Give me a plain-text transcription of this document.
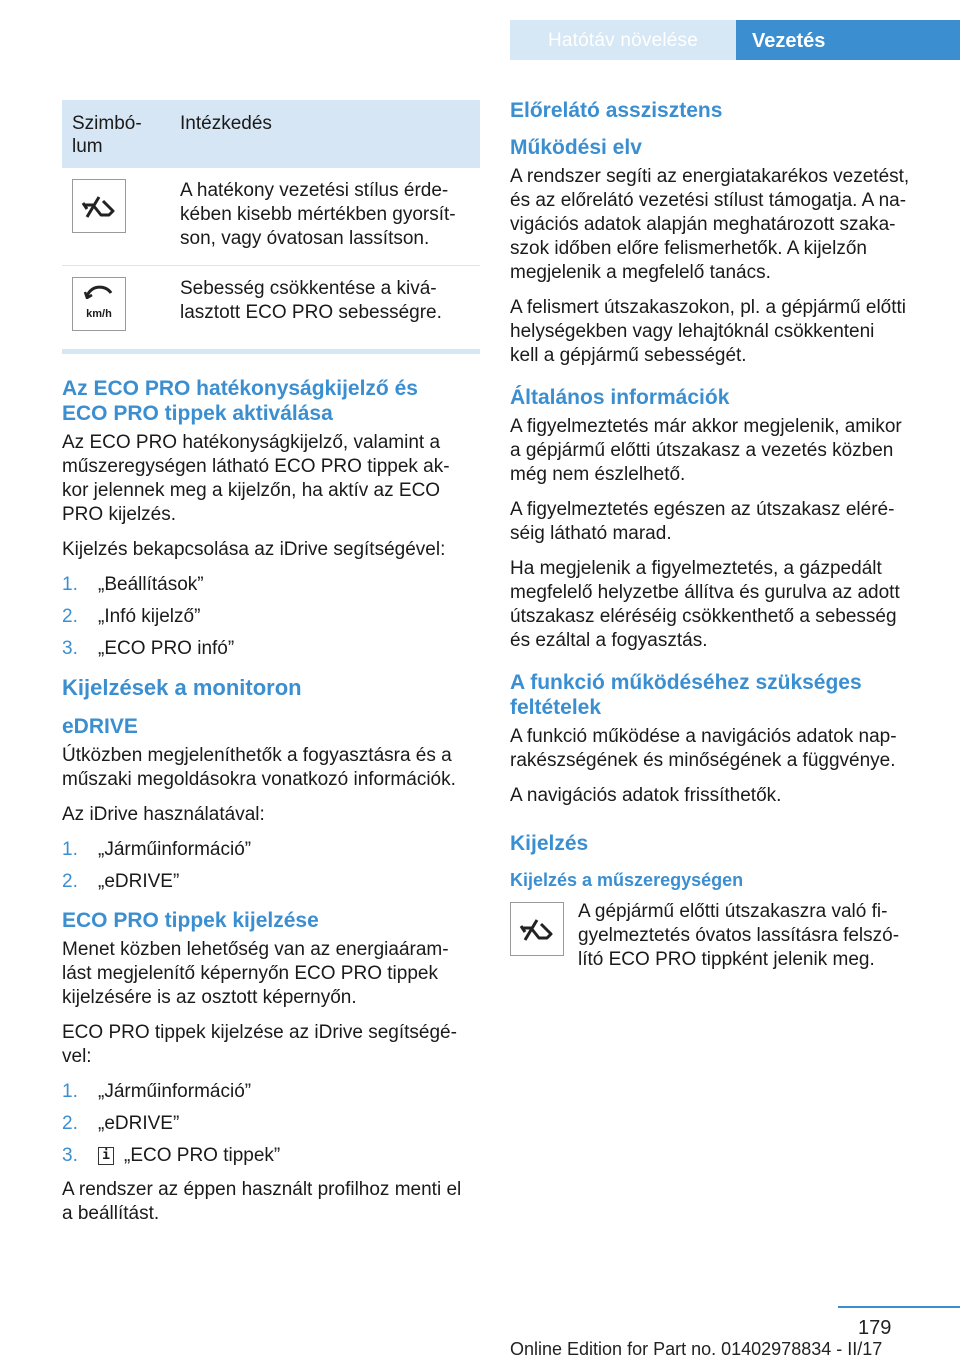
Hatótáv növelése	Vezetés
Szimbó-
lum	Intézkedés

	A hatékony vezetési stílus érde-
kében kisebb mértékben gyorsít-
son, vagy óvatosan lassítson.

km/h	Sebesség csökkentése a kivá-
lasztott ECO PRO sebességre.
Az ECO PRO hatékonyságkijelző és
ECO PRO tippek aktiválása

Az ECO PRO hatékonyságkijelző, valamint a
műszeregységen látható ECO PRO tippek ak-
kor jelennek meg a kijelzőn, ha aktív az ECO
PRO kijelzés.

Kijelzés bekapcsolása az iDrive segítségével:

1.	„Beállítások”
2.	„Infó kijelző”
3.	„ECO PRO infó”
Kijelzések a monitoron
eDRIVE

Útközben megjeleníthetők a fogyasztásra és a
műszaki megoldásokra vonatkozó információk.

Az iDrive használatával:

1.	„Járműinformáció”
2.	„eDRIVE”
ECO PRO tippek kijelzése

Menet közben lehetőség van az energiaáram-
lást megjelenítő képernyőn ECO PRO tippek
kijelzésére is az osztott képernyőn.

ECO PRO tippek kijelzése az iDrive segítségé-
vel:

1.	„Járműinformáció”
2.	„eDRIVE”
3.	i „ECO PRO tippek”

A rendszer az éppen használt profilhoz menti el
a beállítást.

Előrelátó asszisztens
Működési elv

A rendszer segíti az energiatakarékos vezetést,
és az előrelátó vezetési stílust támogatja. A na-
vigációs adatok alapján meghatározott szaka-
szok időben előre felismerhetők. A kijelzőn
megjelenik a megfelelő tanács.

A felismert útszakaszokon, pl. a gépjármű előtti
helységekben vagy lehajtóknál csökkenteni
kell a gépjármű sebességét.

Általános információk

A figyelmeztetés már akkor megjelenik, amikor
a gépjármű előtti útszakasz a vezetés közben
még nem észlelhető.

A figyelmeztetés egészen az útszakasz eléré-
séig látható marad.

Ha megjelenik a figyelmeztetés, a gázpedált
megfelelő helyzetbe állítva és gurulva az adott
útszakasz eléréséig csökkenthető a sebesség
és ezáltal a fogyasztás.

A funkció működéséhez szükséges
feltételek

A funkció működése a navigációs adatok nap-
rakészségének és minőségének a függvénye.

A navigációs adatok frissíthetők.

Kijelzés
Kijelzés a műszeregységen

A gépjármű előtti útszakaszra való fi-
gyelmeztetés óvatos lassításra felszó-
lító ECO PRO tippként jelenik meg.

179
Online Edition for Part no. 01402978834 - II/17
